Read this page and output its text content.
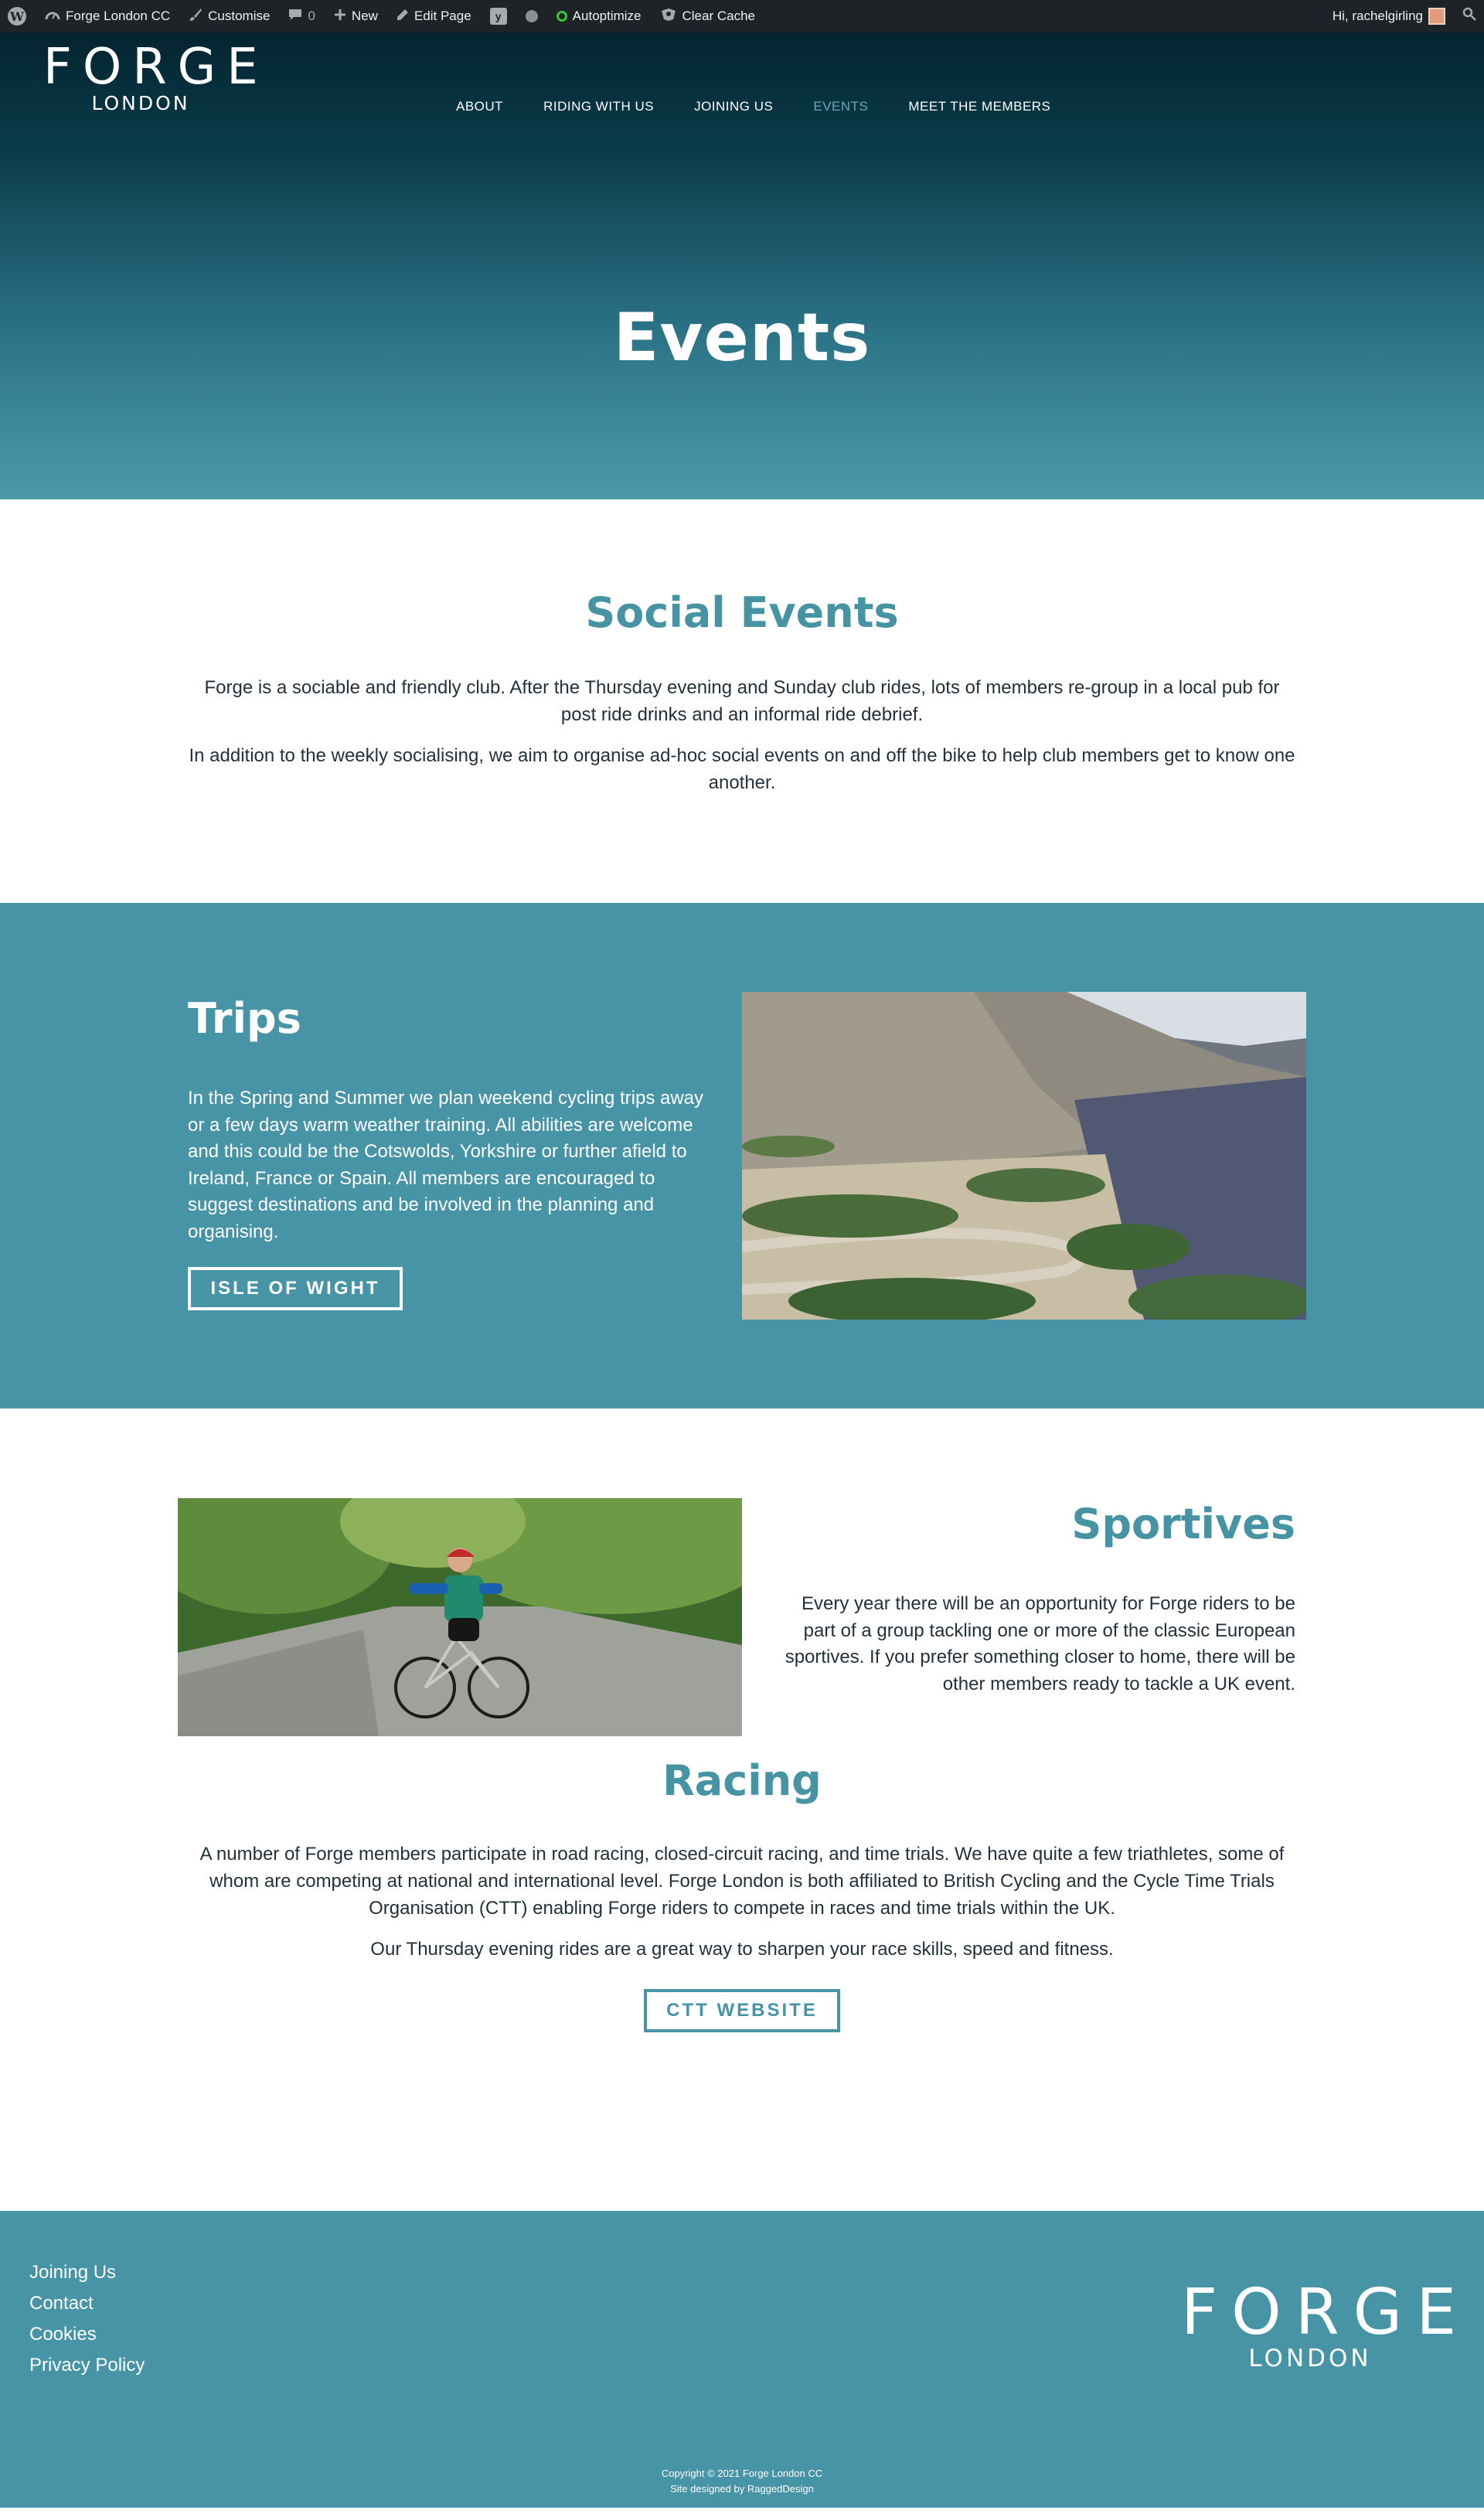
W	Forge London CC	Customise	0	New	Edit Page	y	Autoptimize	Clear Cache	Hi, rachelgirling
FORGE
LONDON	ABOUT	RIDING WITH US	JOINING US	EVENTS	MEET THE MEMBERS
Events
Social Events

Forge is a sociable and friendly club. After the Thursday evening and Sunday club rides, lots of members re-group in a local pub for post ride drinks and an informal ride debrief.

In addition to the weekly socialising, we aim to organise ad-hoc social events on and off the bike to help club members get to know one another.

Trips

In the Spring and Summer we plan weekend cycling trips away or a few days warm weather training. All abilities are welcome and this could be the Cotswolds, Yorkshire or further afield to Ireland, France or Spain. All members are encouraged to suggest destinations and be involved in the planning and organising.

ISLE OF WIGHT
Sportives

Every year there will be an opportunity for Forge riders to be part of a group tackling one or more of the classic European sportives. If you prefer something closer to home, there will be other members ready to tackle a UK event.

Racing

A number of Forge members participate in road racing, closed-circuit racing, and time trials. We have quite a few triathletes, some of whom are competing at national and international level. Forge London is both affiliated to British Cycling and the Cycle Time Trials Organisation (CTT) enabling Forge riders to compete in races and time trials within the UK.

Our Thursday evening rides are a great way to sharpen your race skills, speed and fitness.

CTT WEBSITE
Joining Us
Contact
Cookies
Privacy Policy
FORGE
LONDON
Copyright © 2021 Forge London CC
Site designed by RaggedDesign
